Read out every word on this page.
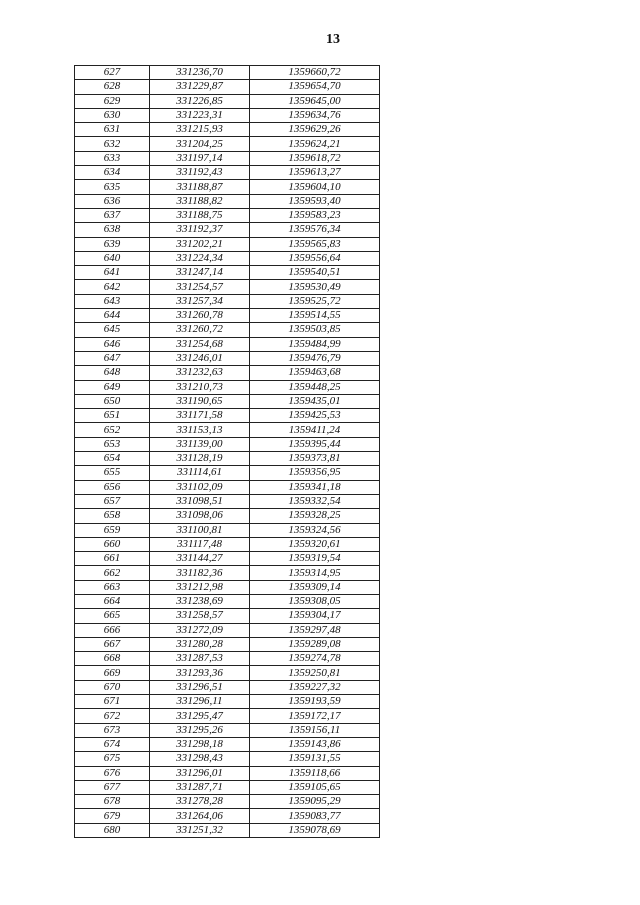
13
627	331236,70	1359660,72
628	331229,87	1359654,70
629	331226,85	1359645,00
630	331223,31	1359634,76
631	331215,93	1359629,26
632	331204,25	1359624,21
633	331197,14	1359618,72
634	331192,43	1359613,27
635	331188,87	1359604,10
636	331188,82	1359593,40
637	331188,75	1359583,23
638	331192,37	1359576,34
639	331202,21	1359565,83
640	331224,34	1359556,64
641	331247,14	1359540,51
642	331254,57	1359530,49
643	331257,34	1359525,72
644	331260,78	1359514,55
645	331260,72	1359503,85
646	331254,68	1359484,99
647	331246,01	1359476,79
648	331232,63	1359463,68
649	331210,73	1359448,25
650	331190,65	1359435,01
651	331171,58	1359425,53
652	331153,13	1359411,24
653	331139,00	1359395,44
654	331128,19	1359373,81
655	331114,61	1359356,95
656	331102,09	1359341,18
657	331098,51	1359332,54
658	331098,06	1359328,25
659	331100,81	1359324,56
660	331117,48	1359320,61
661	331144,27	1359319,54
662	331182,36	1359314,95
663	331212,98	1359309,14
664	331238,69	1359308,05
665	331258,57	1359304,17
666	331272,09	1359297,48
667	331280,28	1359289,08
668	331287,53	1359274,78
669	331293,36	1359250,81
670	331296,51	1359227,32
671	331296,11	1359193,59
672	331295,47	1359172,17
673	331295,26	1359156,11
674	331298,18	1359143,86
675	331298,43	1359131,55
676	331296,01	1359118,66
677	331287,71	1359105,65
678	331278,28	1359095,29
679	331264,06	1359083,77
680	331251,32	1359078,69
